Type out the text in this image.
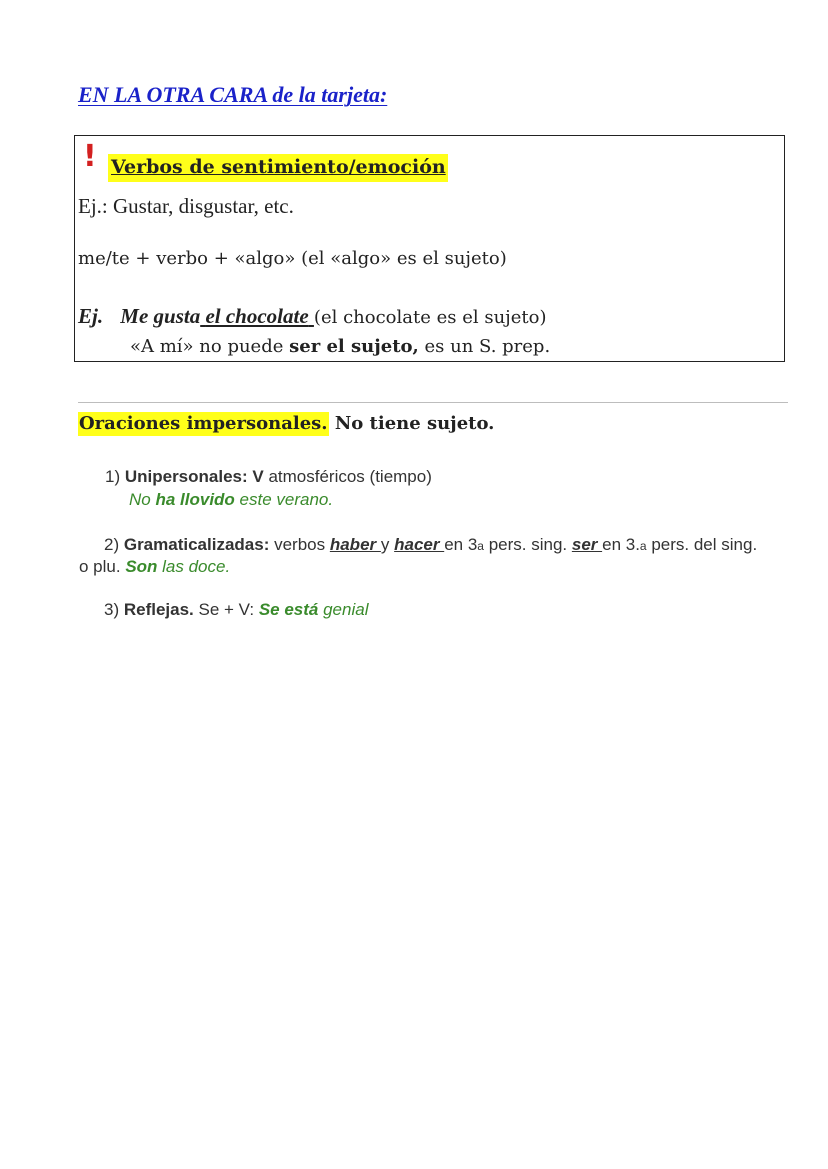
EN LA OTRA CARA de la tarjeta:
! Verbos de sentimiento/emoción
Ej.: Gustar, disgustar, etc.
me/te + verbo + «algo» (el «algo» es el sujeto)
Ej. Me gusta el chocolate (el chocolate es el sujeto)
«A mí» no puede ser el sujeto, es un S. prep.
Oraciones impersonales. No tiene sujeto.
1) Unipersonales: V atmosféricos (tiempo)
No ha llovido este verano.
2) Gramaticalizadas: verbos haber y hacer en 3a pers. sing. ser en 3.a pers. del sing.
o plu. Son las doce.
3) Reflejas. Se + V: Se está genial
